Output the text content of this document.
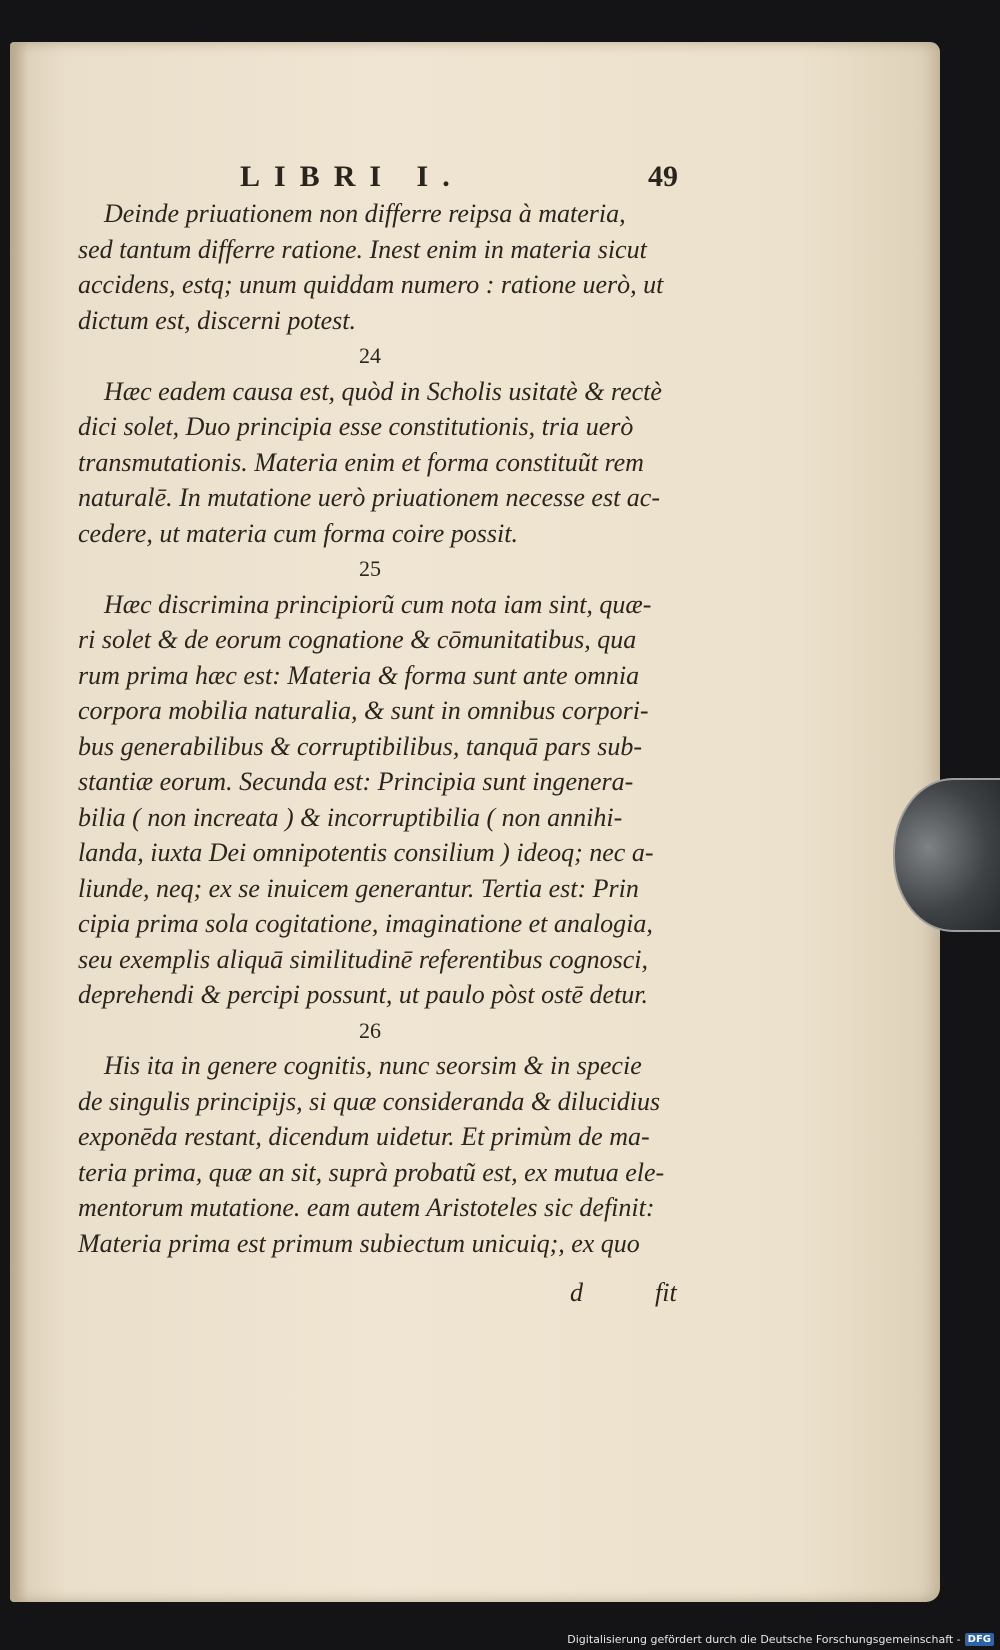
LIBRI I.	49
Deinde priuationem non differre reipsa à materia,
sed tantum differre ratione. Inest enim in materia sicut
accidens, estq; unum quiddam numero : ratione uerò, ut
dictum est, discerni potest.
24
Hæc eadem causa est, quòd in Scholis usitatè & rectè
dici solet, Duo principia esse constitutionis, tria uerò
transmutationis. Materia enim et forma constituũt rem
naturalē. In mutatione uerò priuationem necesse est ac-
cedere, ut materia cum forma coire possit.
25
Hæc discrimina principiorũ cum nota iam sint, quæ-
ri solet & de eorum cognatione & cōmunitatibus, qua
rum prima hæc est: Materia & forma sunt ante omnia
corpora mobilia naturalia, & sunt in omnibus corpori-
bus generabilibus & corruptibilibus, tanquā pars sub-
stantiæ eorum. Secunda est: Principia sunt ingenera-
bilia ( non increata ) & incorruptibilia ( non annihi-
landa, iuxta Dei omnipotentis consilium ) ideoq; nec a-
liunde, neq; ex se inuicem generantur. Tertia est: Prin
cipia prima sola cogitatione, imaginatione et analogia,
seu exemplis aliquā similitudinē referentibus cognosci,
deprehendi & percipi possunt, ut paulo pòst ostē detur.
26
His ita in genere cognitis, nunc seorsim & in specie
de singulis principijs, si quæ consideranda & dilucidius
exponēda restant, dicendum uidetur. Et primùm de ma-
teria prima, quæ an sit, suprà probatũ est, ex mutua ele-
mentorum mutatione. eam autem Aristoteles sic definit:
Materia prima est primum subiectum unicuiq;, ex quo
d	fit
Digitalisierung gefördert durch die Deutsche Forschungsgemeinschaft - DFG
